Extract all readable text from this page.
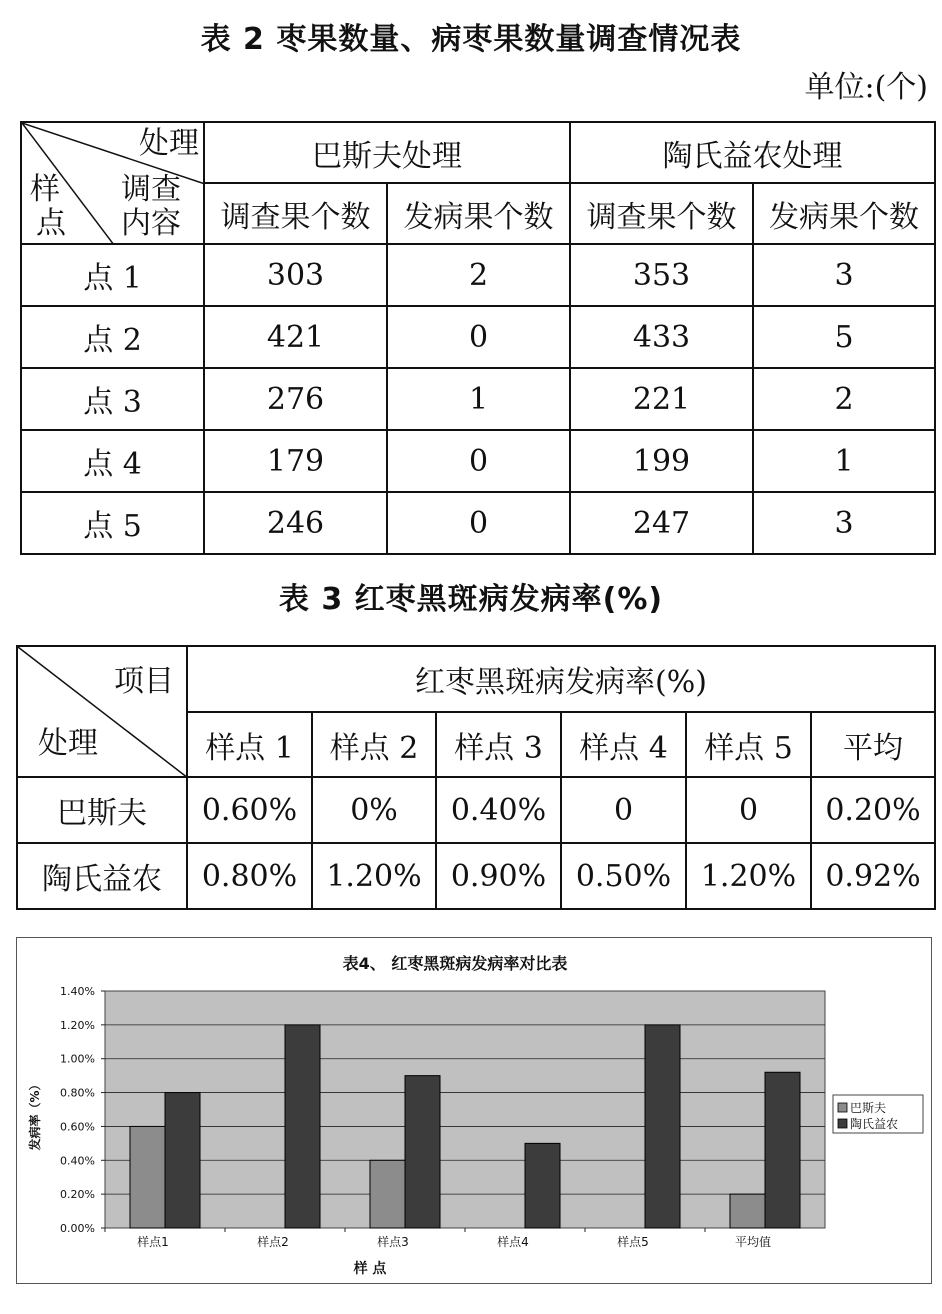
表 2 枣果数量、病枣果数量调查情况表
单位:(个)
处理
调查
内容
样
点	巴斯夫处理		陶氏益农处理	
	调查果个数	发病果个数	调查果个数	发病果个数
点 1	303	2	353	3
点 2	421	0	433	5
点 3	276	1	221	2
点 4	179	0	199	1
点 5	246	0	247	3
表 3 红枣黑斑病发病率(%)
项目
处理	红枣黑斑病发病率(%)					
	样点 1	样点 2	样点 3	样点 4	样点 5	平均
巴斯夫	0.60%	0%	0.40%	0	0	0.20%
陶氏益农	0.80%	1.20%	0.90%	0.50%	1.20%	0.92%
表4、 红枣黑斑病发病率对比表
0.00%
0.20%
0.40%
0.60%
0.80%
1.00%
1.20%
1.40%
样点1	样点2	样点3	样点4	样点5	平均值
样 点
发病率（%）	巴斯夫
陶氏益农
